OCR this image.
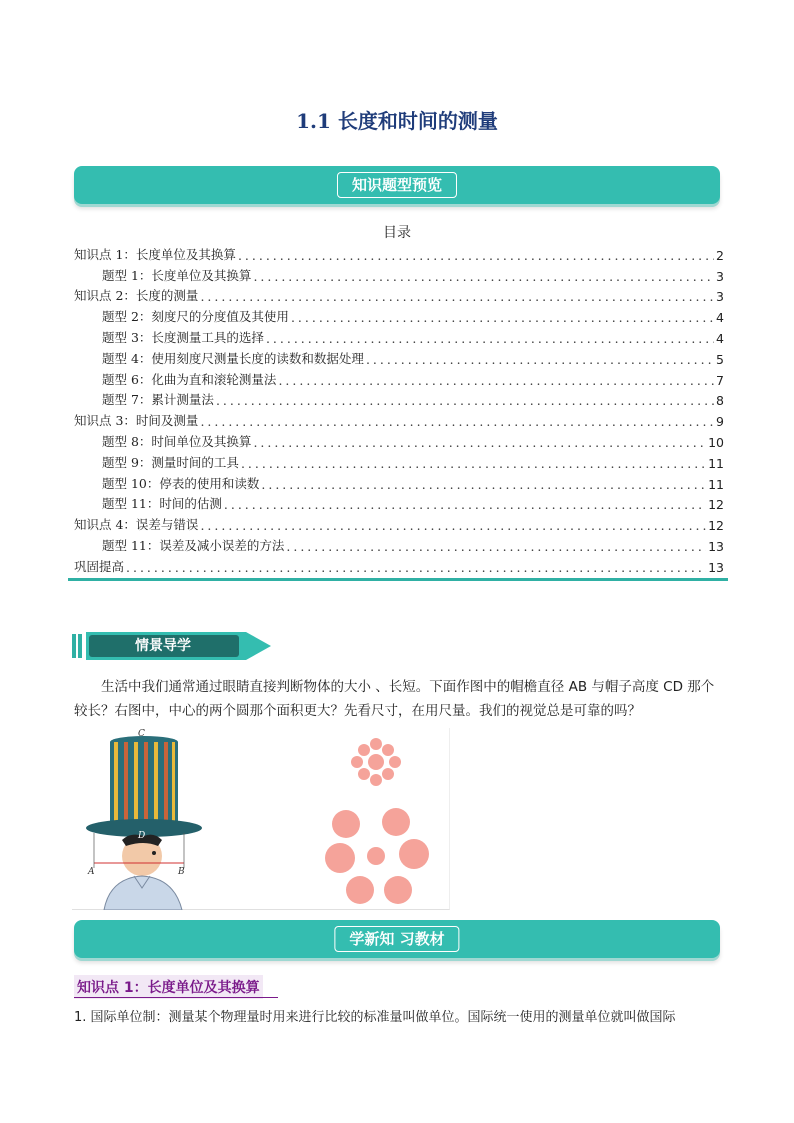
1.1 长度和时间的测量
知识题型预览
目录
知识点 1：长度单位及其换算 .....	2
题型 1：长度单位及其换算 .....	3
知识点 2：长度的测量 .....	3
题型 2：刻度尺的分度值及其使用 .....	4
题型 3：长度测量工具的选择 .....	4
题型 4：使用刻度尺测量长度的读数和数据处理 .....	5
题型 6：化曲为直和滚轮测量法 .....	7
题型 7：累计测量法 .....	8
知识点 3：时间及测量 .....	9
题型 8：时间单位及其换算 .....	10
题型 9：测量时间的工具 .....	11
题型 10：停表的使用和读数 .....	11
题型 11：时间的估测 .....	12
知识点 4：误差与错误 .....	12
题型 11：误差及减小误差的方法 .....	13
巩固提高 .....	13
情景导学
生活中我们通常通过眼睛直接判断物体的大小 、长短。下面作图中的帽檐直径 AB 与帽子高度 CD 那个较长？右图中，中心的两个圆那个面积更大？先看尺寸，在用尺量。我们的视觉总是可靠的吗？
A	B
C
D
学新知 习教材
知识点 1：长度单位及其换算
1. 国际单位制：测量某个物理量时用来进行比较的标准量叫做单位。国际统一使用的测量单位就叫做国际
